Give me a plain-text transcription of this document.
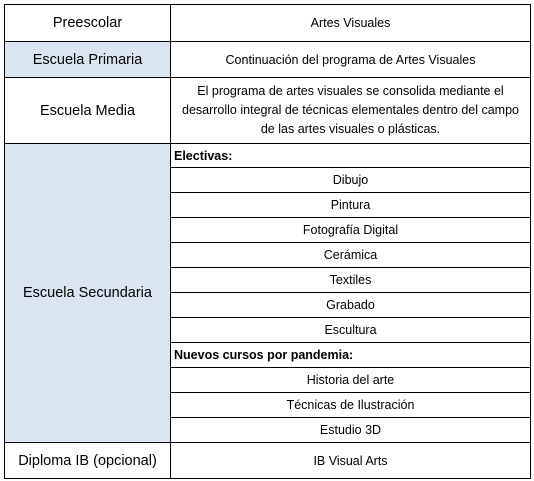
Preescolar	Artes Visuales
Escuela Primaria	Continuación del programa de Artes Visuales
Escuela Media	El programa de artes visuales se consolida mediante el desarrollo integral de técnicas elementales dentro del campo de las artes visuales o plásticas.
Escuela Secundaria	Electivas:
	Dibujo
	Pintura
	Fotografía Digital
	Cerámica
	Textiles
	Grabado
	Escultura
	Nuevos cursos por pandemia:
	Historia del arte
	Técnicas de Ilustración
	Estudio 3D
Diploma IB (opcional)	IB Visual Arts
